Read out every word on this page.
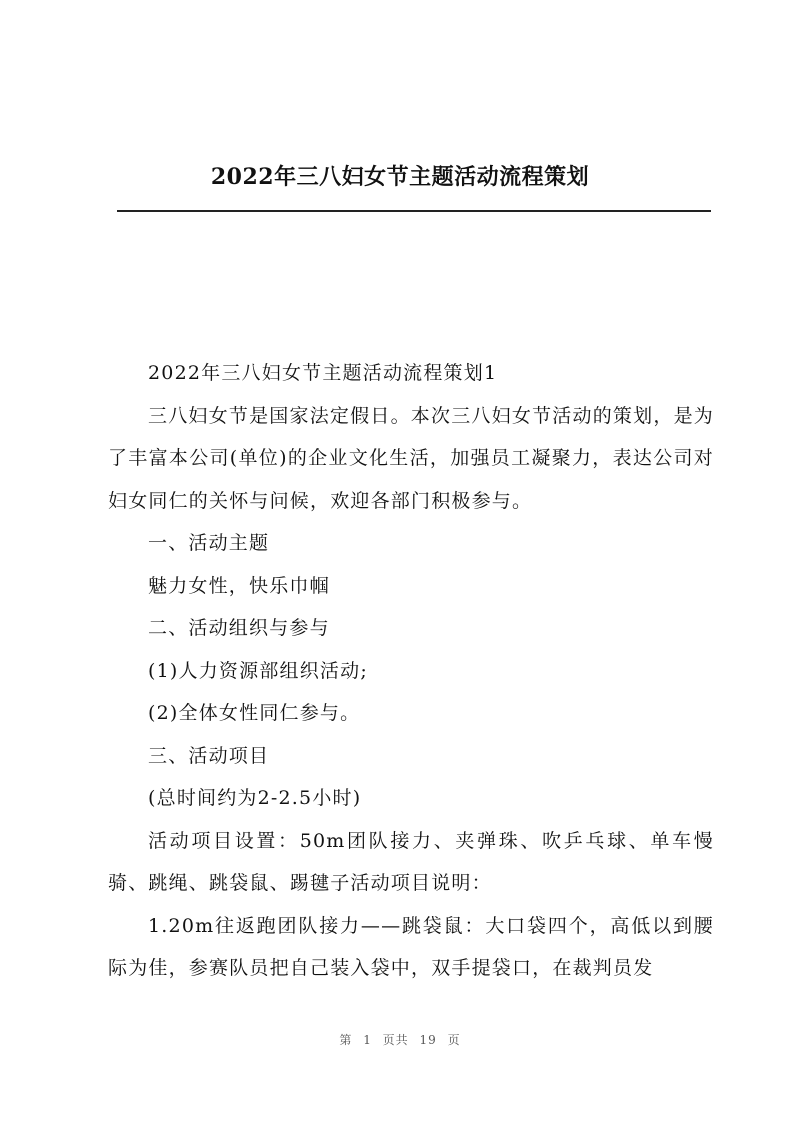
2022年三八妇女节主题活动流程策划

2022年三八妇女节主题活动流程策划1

三八妇女节是国家法定假日。本次三八妇女节活动的策划，是为了丰富本公司(单位)的企业文化生活，加强员工凝聚力，表达公司对妇女同仁的关怀与问候，欢迎各部门积极参与。

一、活动主题

魅力女性，快乐巾帼

二、活动组织与参与

(1)人力资源部组织活动;

(2)全体女性同仁参与。

三、活动项目

(总时间约为2-2.5小时)

活动项目设置：50m团队接力、夹弹珠、吹乒乓球、单车慢骑、跳绳、跳袋鼠、踢毽子活动项目说明：

1.20m往返跑团队接力——跳袋鼠：大口袋四个，高低以到腰际为佳，参赛队员把自己装入袋中，双手提袋口，在裁判员发

第 1 页共 19 页
